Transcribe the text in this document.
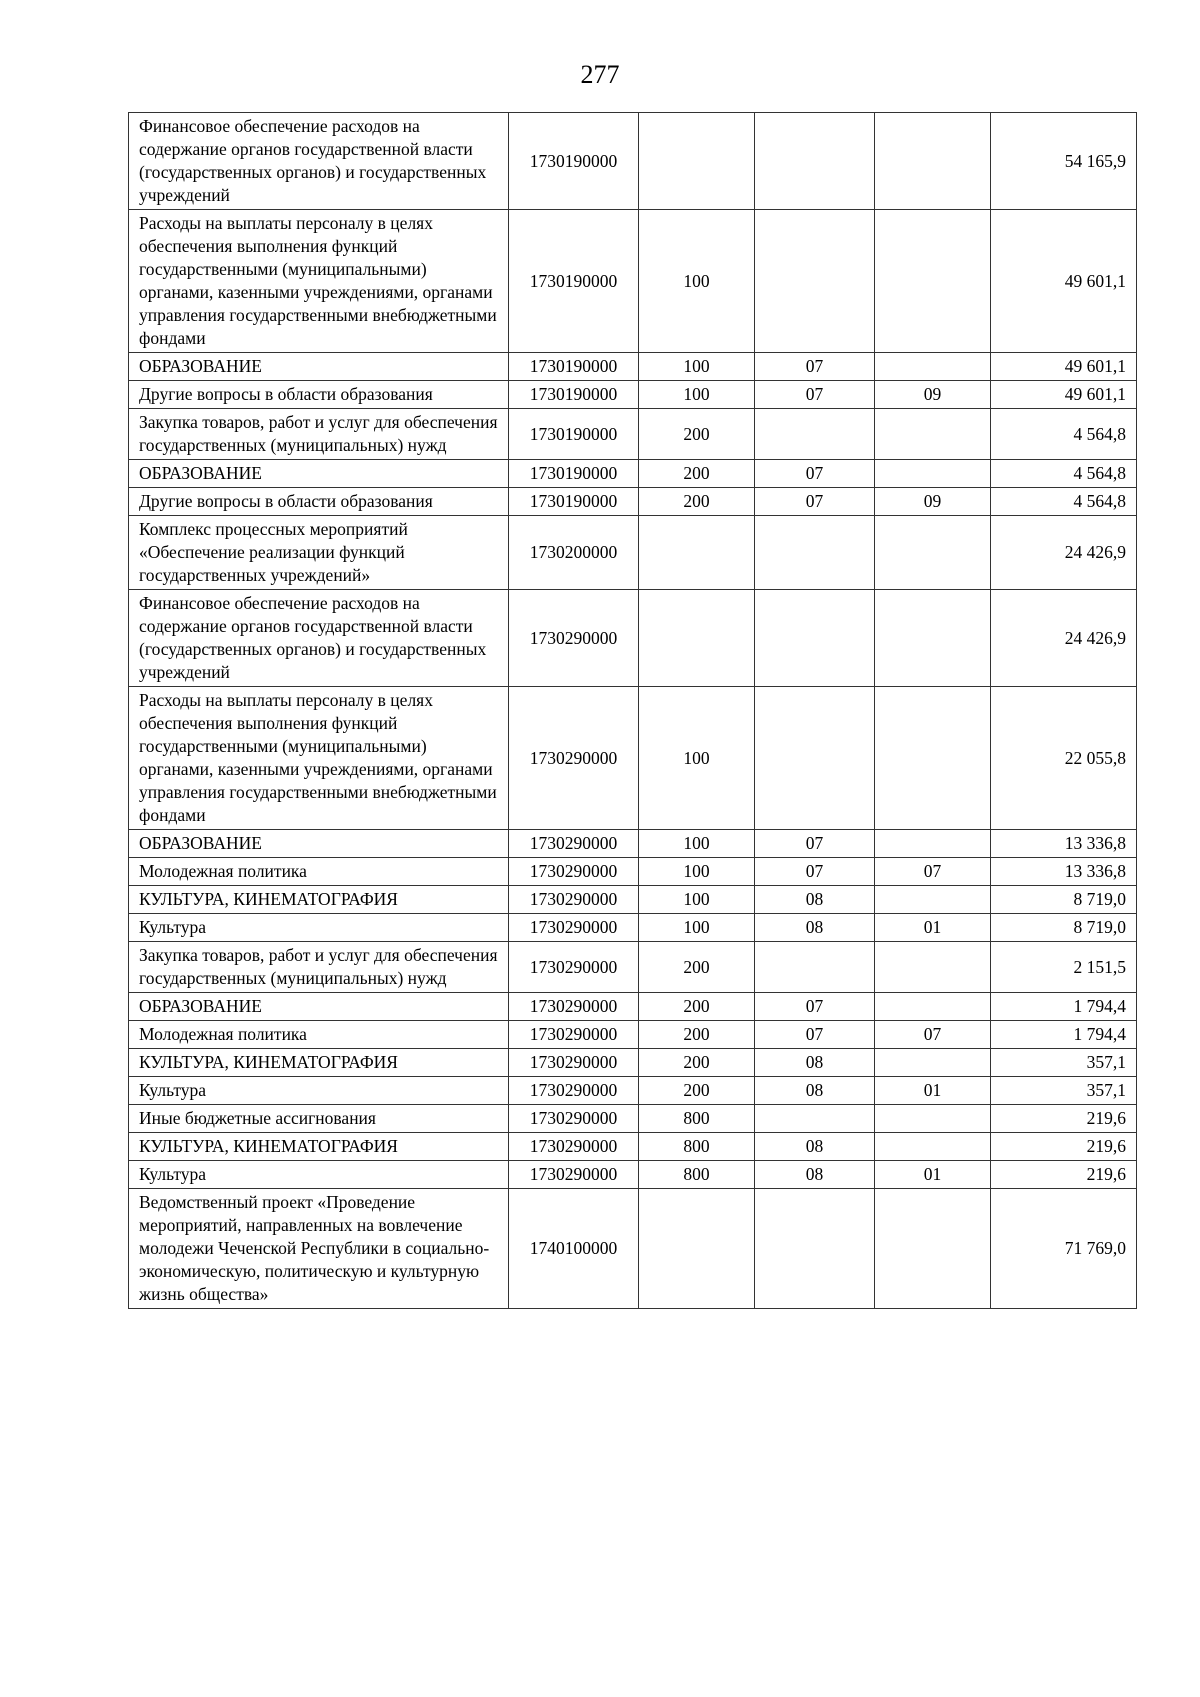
277
Финансовое обеспечение расходов на содержание органов государственной власти (государственных органов) и государственных учреждений	1730190000				54 165,9
Расходы на выплаты персоналу в целях обеспечения выполнения функций государственными (муниципальными) органами, казенными учреждениями, органами управления государственными внебюджетными фондами	1730190000	100			49 601,1
ОБРАЗОВАНИЕ	1730190000	100	07		49 601,1
Другие вопросы в области образования	1730190000	100	07	09	49 601,1
Закупка товаров, работ и услуг для обеспечения государственных (муниципальных) нужд	1730190000	200			4 564,8
ОБРАЗОВАНИЕ	1730190000	200	07		4 564,8
Другие вопросы в области образования	1730190000	200	07	09	4 564,8
Комплекс процессных мероприятий «Обеспечение реализации функций государственных учреждений»	1730200000				24 426,9
Финансовое обеспечение расходов на содержание органов государственной власти (государственных органов) и государственных учреждений	1730290000				24 426,9
Расходы на выплаты персоналу в целях обеспечения выполнения функций государственными (муниципальными) органами, казенными учреждениями, органами управления государственными внебюджетными фондами	1730290000	100			22 055,8
ОБРАЗОВАНИЕ	1730290000	100	07		13 336,8
Молодежная политика	1730290000	100	07	07	13 336,8
КУЛЬТУРА, КИНЕМАТОГРАФИЯ	1730290000	100	08		8 719,0
Культура	1730290000	100	08	01	8 719,0
Закупка товаров, работ и услуг для обеспечения государственных (муниципальных) нужд	1730290000	200			2 151,5
ОБРАЗОВАНИЕ	1730290000	200	07		1 794,4
Молодежная политика	1730290000	200	07	07	1 794,4
КУЛЬТУРА, КИНЕМАТОГРАФИЯ	1730290000	200	08		357,1
Культура	1730290000	200	08	01	357,1
Иные бюджетные ассигнования	1730290000	800			219,6
КУЛЬТУРА, КИНЕМАТОГРАФИЯ	1730290000	800	08		219,6
Культура	1730290000	800	08	01	219,6
Ведомственный проект «Проведение мероприятий, направленных на вовлечение молодежи Чеченской Республики в социально-экономическую, политическую и культурную жизнь общества»	1740100000				71 769,0
